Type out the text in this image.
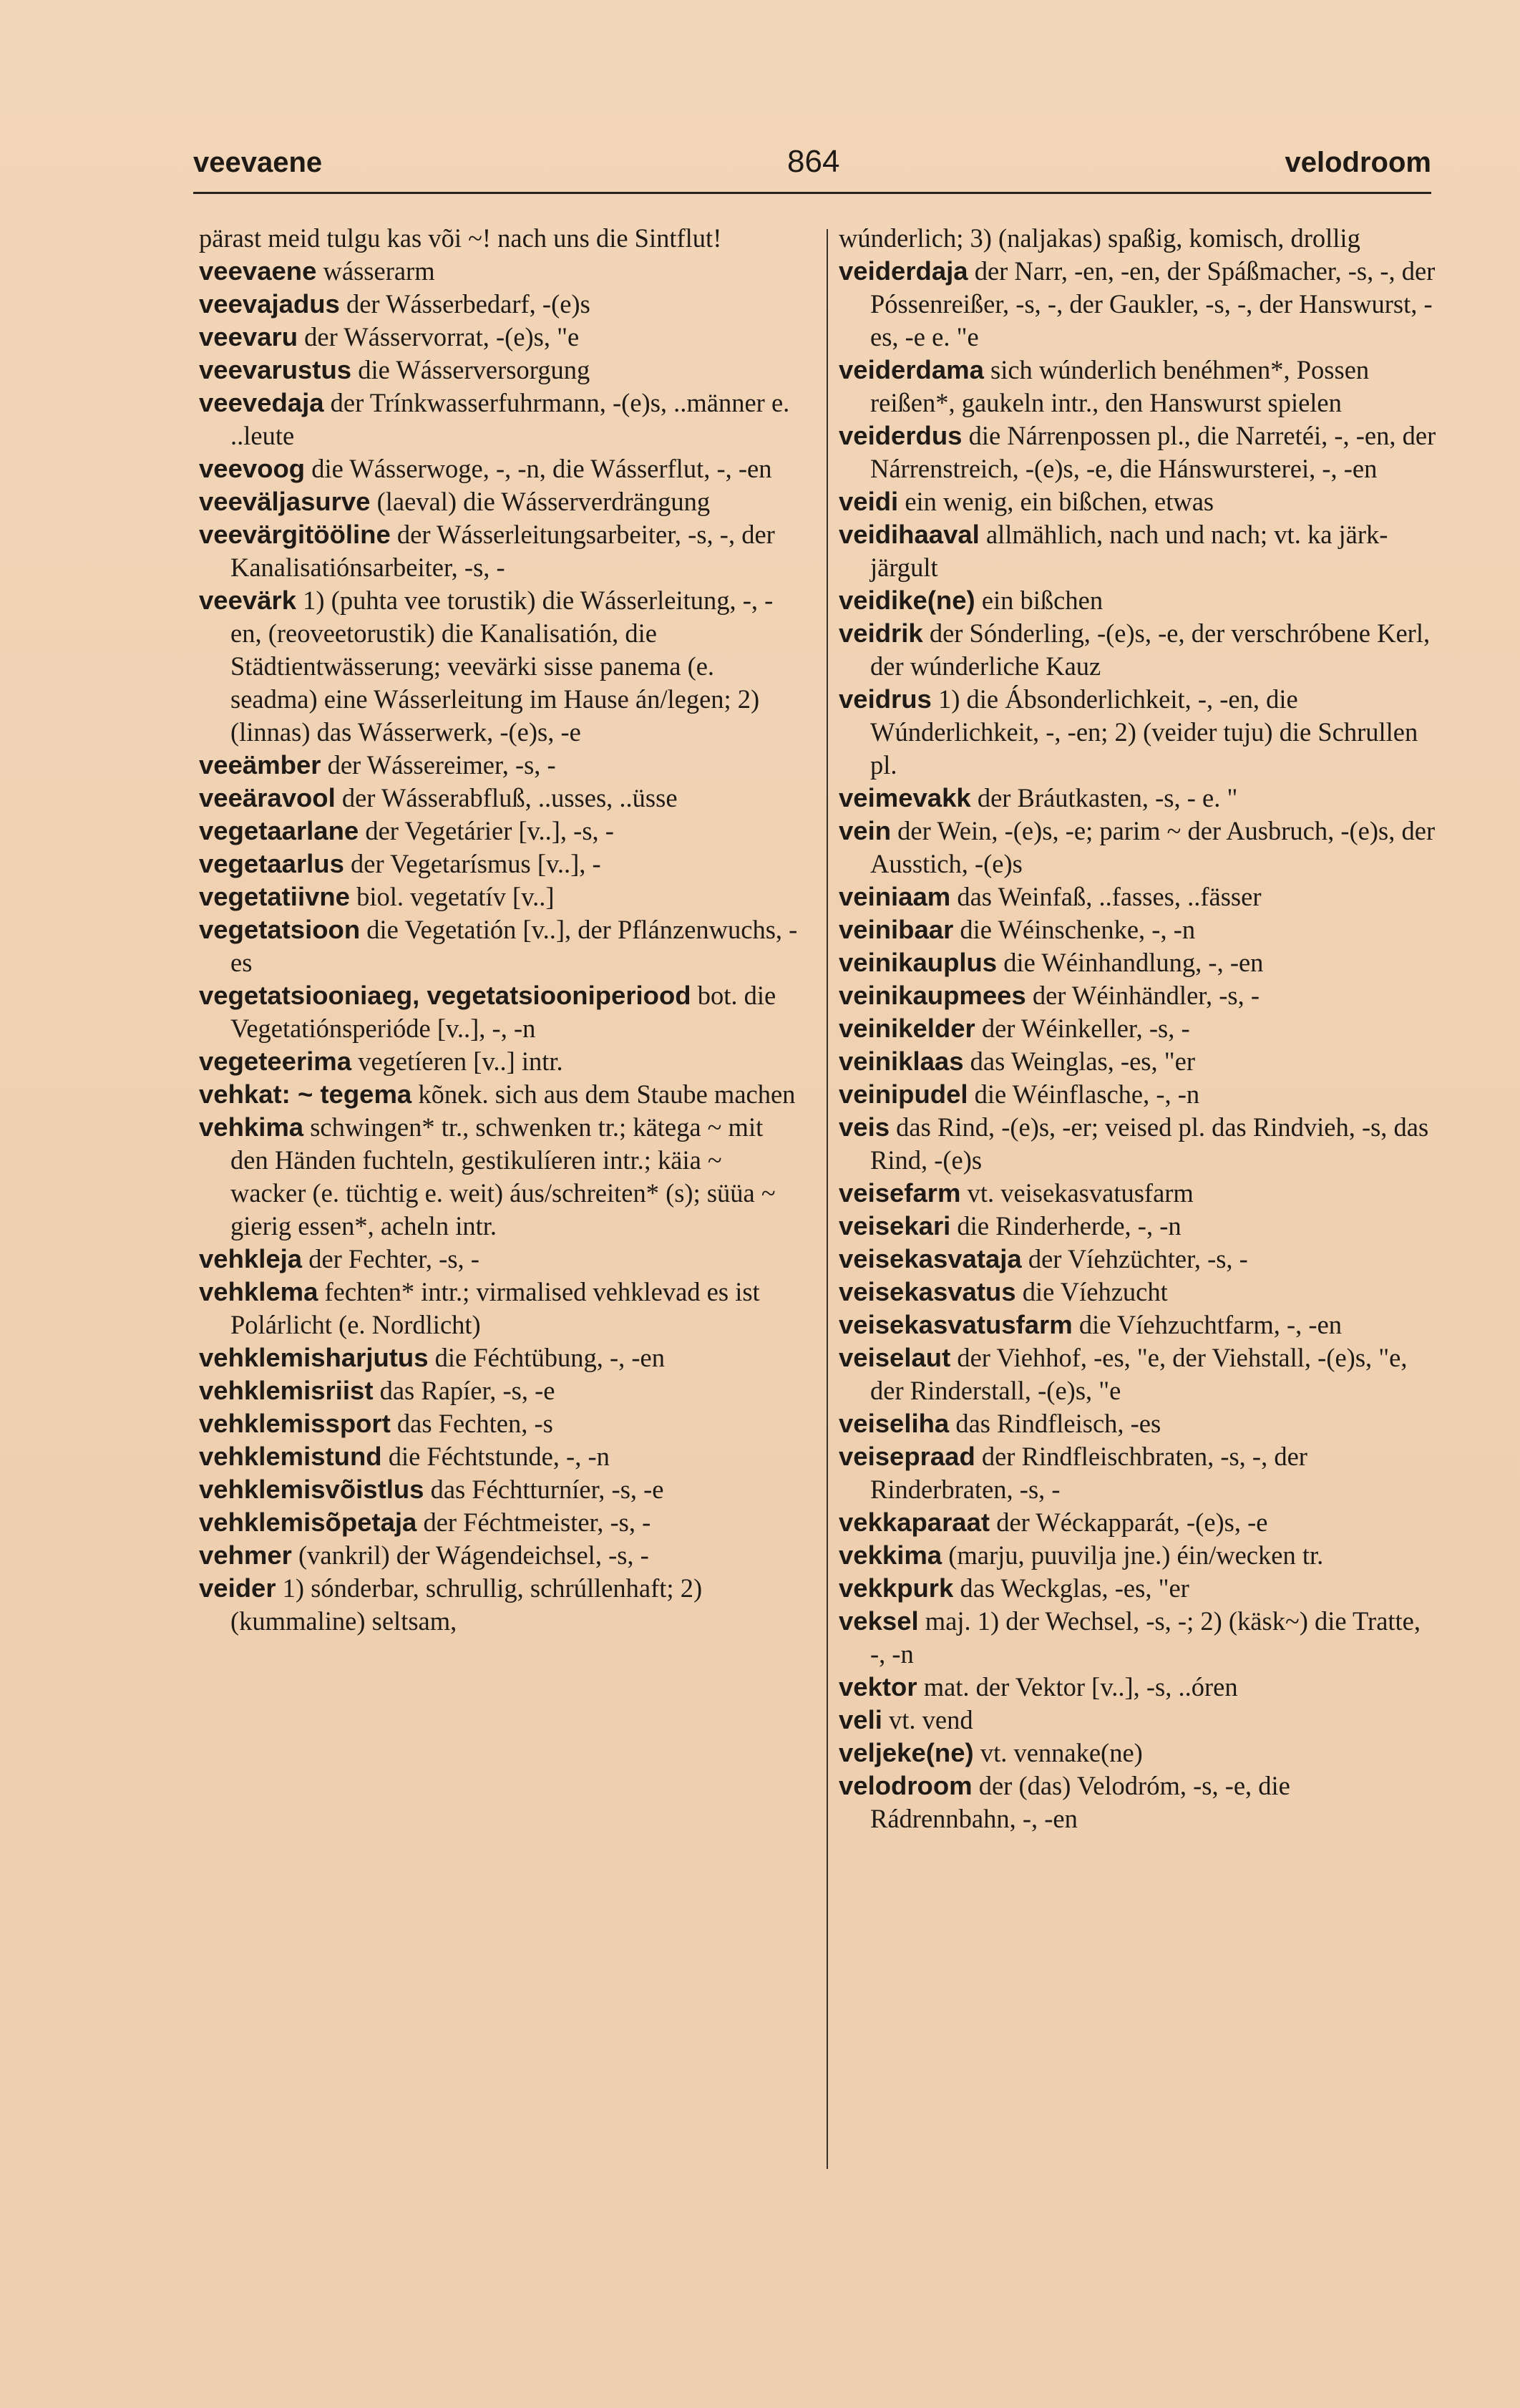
veevaene	864	velodroom

pärast meid tulgu kas või ~! nach uns die Sintflut!

veevaene wásserarm

veevajadus der Wásserbedarf, -(e)s

veevaru der Wásservorrat, -(e)s, "e

veevarustus die Wásserversorgung

veevedaja der Trínkwasserfuhrmann, -(e)s, ..männer e. ..leute

veevoog die Wásserwoge, -, -n, die Wásserflut, -, -en

veeväljasurve (laeval) die Wásserverdrängung

veevärgitööline der Wásserleitungsarbeiter, -s, -, der Kanalisatiónsarbeiter, -s, -

veevärk 1) (puhta vee torustik) die Wásserleitung, -, -en, (reoveetorustik) die Kanalisatión, die Städtientwässerung; veevärki sisse panema (e. seadma) eine Wásserleitung im Hause án/legen; 2) (linnas) das Wásserwerk, -(e)s, -e

veeämber der Wássereimer, -s, -

veeäravool der Wásserabfluß, ..usses, ..üsse

vegetaarlane der Vegetárier [v..], -s, -

vegetaarlus der Vegetarísmus [v..], -

vegetatiivne biol. vegetatív [v..]

vegetatsioon die Vegetatión [v..], der Pflánzenwuchs, -es

vegetatsiooniaeg, vegetatsiooniperiood bot. die Vegetatiónsperióde [v..], -, -n

vegeteerima vegetíeren [v..] intr.

vehkat: ~ tegema kõnek. sich aus dem Staube machen

vehkima schwingen* tr., schwenken tr.; kätega ~ mit den Händen fuchteln, gestikulíeren intr.; käia ~ wacker (e. tüchtig e. weit) áus/schreiten* (s); süüa ~ gierig essen*, acheln intr.

vehkleja der Fechter, -s, -

vehklema fechten* intr.; virmalised vehklevad es ist Polárlicht (e. Nordlicht)

vehklemisharjutus die Féchtübung, -, -en

vehklemisriist das Rapíer, -s, -e

vehklemissport das Fechten, -s

vehklemistund die Féchtstunde, -, -n

vehklemisvõistlus das Féchtturníer, -s, -e

vehklemisõpetaja der Féchtmeister, -s, -

vehmer (vankril) der Wágendeichsel, -s, -

veider 1) sónderbar, schrullig, schrúllenhaft; 2) (kummaline) seltsam,

wúnderlich; 3) (naljakas) spaßig, komisch, drollig

veiderdaja der Narr, -en, -en, der Spáßmacher, -s, -, der Póssenreißer, -s, -, der Gaukler, -s, -, der Hanswurst, -es, -e e. "e

veiderdama sich wúnderlich benéhmen*, Possen reißen*, gaukeln intr., den Hanswurst spielen

veiderdus die Nárrenpossen pl., die Narretéi, -, -en, der Nárrenstreich, -(e)s, -e, die Hánswursterei, -, -en

veidi ein wenig, ein bißchen, etwas

veidihaaval allmählich, nach und nach; vt. ka järk-järgult

veidike(ne) ein bißchen

veidrik der Sónderling, -(e)s, -e, der verschróbene Kerl, der wúnderliche Kauz

veidrus 1) die Ábsonderlichkeit, -, -en, die Wúnderlichkeit, -, -en; 2) (veider tuju) die Schrullen pl.

veimevakk der Bráutkasten, -s, - e. "

vein der Wein, -(e)s, -e; parim ~ der Ausbruch, -(e)s, der Ausstich, -(e)s

veiniaam das Weinfaß, ..fasses, ..fässer

veinibaar die Wéinschenke, -, -n

veinikauplus die Wéinhandlung, -, -en

veinikaupmees der Wéinhändler, -s, -

veinikelder der Wéinkeller, -s, -

veiniklaas das Weinglas, -es, "er

veinipudel die Wéinflasche, -, -n

veis das Rind, -(e)s, -er; veised pl. das Rindvieh, -s, das Rind, -(e)s

veisefarm vt. veisekasvatusfarm

veisekari die Rinderherde, -, -n

veisekasvataja der Víehzüchter, -s, -

veisekasvatus die Víehzucht

veisekasvatusfarm die Víehzuchtfarm, -, -en

veiselaut der Viehhof, -es, "e, der Viehstall, -(e)s, "e, der Rinderstall, -(e)s, "e

veiseliha das Rindfleisch, -es

veisepraad der Rindfleischbraten, -s, -, der Rinderbraten, -s, -

vekkaparaat der Wéckapparát, -(e)s, -e

vekkima (marju, puuvilja jne.) éin/wecken tr.

vekkpurk das Weckglas, -es, "er

veksel maj. 1) der Wechsel, -s, -; 2) (käsk~) die Tratte, -, -n

vektor mat. der Vektor [v..], -s, ..óren

veli vt. vend

veljeke(ne) vt. vennake(ne)

velodroom der (das) Velodróm, -s, -e, die Rádrennbahn, -, -en
